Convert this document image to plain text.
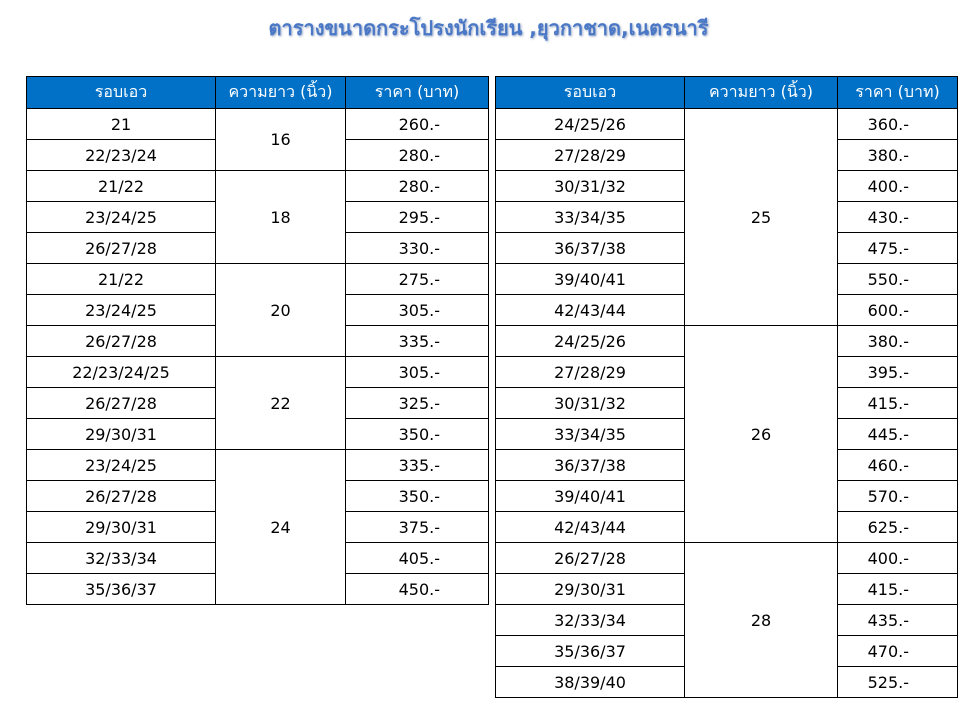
ตารางขนาดกระโปรงนักเรียน ,ยุวกาชาด,เนตรนารี
รอบเอว	ความยาว (นิ้ว)	ราคา (บาท)
21	16	260.-
22/23/24		280.-
21/22	18	280.-
23/24/25		295.-
26/27/28		330.-
21/22	20	275.-
23/24/25		305.-
26/27/28		335.-
22/23/24/25	22	305.-
26/27/28		325.-
29/30/31		350.-
23/24/25	24	335.-
26/27/28		350.-
29/30/31		375.-
32/33/34		405.-
35/36/37		450.-
รอบเอว	ความยาว (นิ้ว)	ราคา (บาท)
24/25/26	25	360.-
27/28/29		380.-
30/31/32		400.-
33/34/35		430.-
36/37/38		475.-
39/40/41		550.-
42/43/44		600.-
24/25/26	26	380.-
27/28/29		395.-
30/31/32		415.-
33/34/35		445.-
36/37/38		460.-
39/40/41		570.-
42/43/44		625.-
26/27/28	28	400.-
29/30/31		415.-
32/33/34		435.-
35/36/37		470.-
38/39/40		525.-
